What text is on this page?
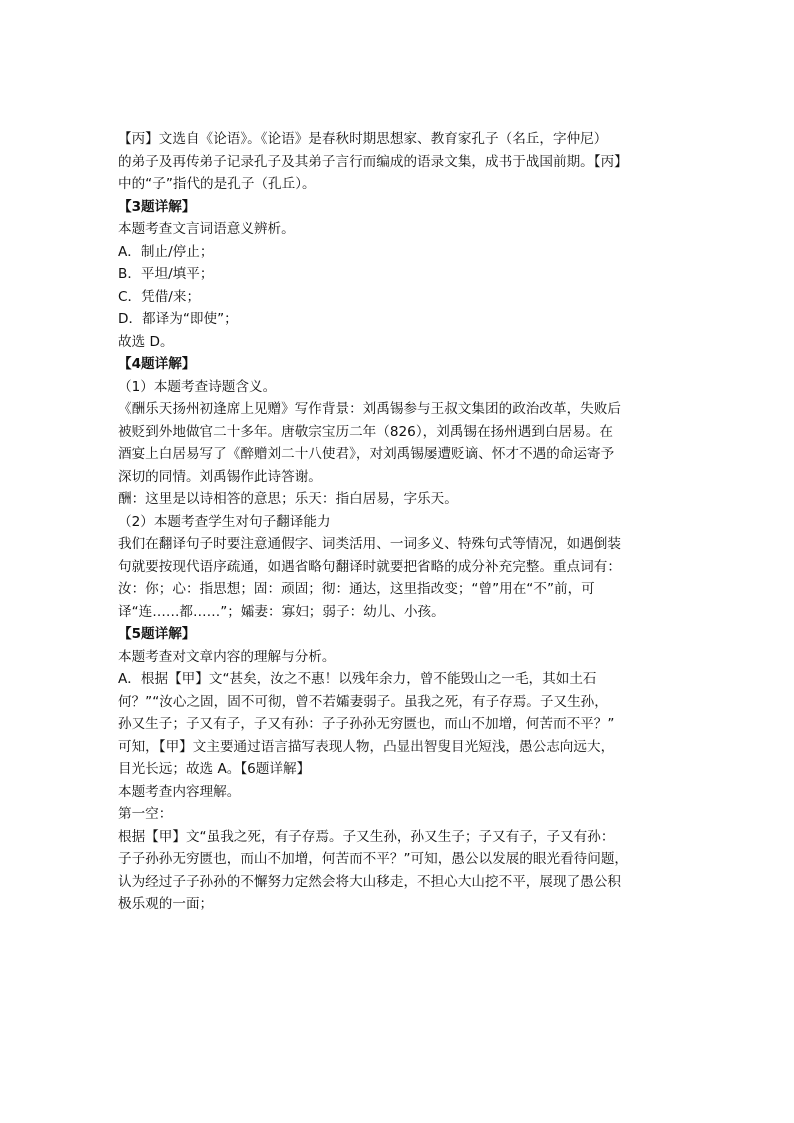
【丙】文选自《论语》。《论语》是春秋时期思想家、教育家孔子（名丘，字仲尼）
的弟子及再传弟子记录孔子及其弟子言行而编成的语录文集，成书于战国前期。【丙】
中的“子”指代的是孔子（孔丘）。
【3题详解】
本题考查文言词语意义辨析。
A．制止/停止；
B．平坦/填平；
C．凭借/来；
D．都译为“即使”；
故选 D。
【4题详解】
（1）本题考查诗题含义。
《酬乐天扬州初逢席上见赠》写作背景：刘禹锡参与王叔文集团的政治改革，失败后
被贬到外地做官二十多年。唐敬宗宝历二年（826），刘禹锡在扬州遇到白居易。在
酒宴上白居易写了《醉赠刘二十八使君》，对刘禹锡屡遭贬谪、怀才不遇的命运寄予
深切的同情。刘禹锡作此诗答谢。
酬：这里是以诗相答的意思；乐天：指白居易，字乐天。
（2）本题考查学生对句子翻译能力
我们在翻译句子时要注意通假字、词类活用、一词多义、特殊句式等情况，如遇倒装
句就要按现代语序疏通，如遇省略句翻译时就要把省略的成分补充完整。重点词有：
汝：你；心：指思想；固：顽固；彻：通达，这里指改变；“曾”用在“不”前，可
译“连……都……”；孀妻：寡妇；弱子：幼儿、小孩。
【5题详解】
本题考查对文章内容的理解与分析。
A．根据【甲】文“甚矣，汝之不惠！以残年余力，曾不能毁山之一毛，其如土石
何？”“汝心之固，固不可彻，曾不若孀妻弱子。虽我之死，有子存焉。子又生孙，
孙又生子；子又有子，子又有孙：子子孙孙无穷匮也，而山不加增，何苦而不平？”
可知，【甲】文主要通过语言描写表现人物，凸显出智叟目光短浅，愚公志向远大，
目光长远；故选 A。【6题详解】
本题考查内容理解。
第一空：
根据【甲】文“虽我之死，有子存焉。子又生孙，孙又生子；子又有子，子又有孙：
子子孙孙无穷匮也，而山不加增，何苦而不平？”可知，愚公以发展的眼光看待问题，
认为经过子子孙孙的不懈努力定然会将大山移走，不担心大山挖不平，展现了愚公积
极乐观的一面；
